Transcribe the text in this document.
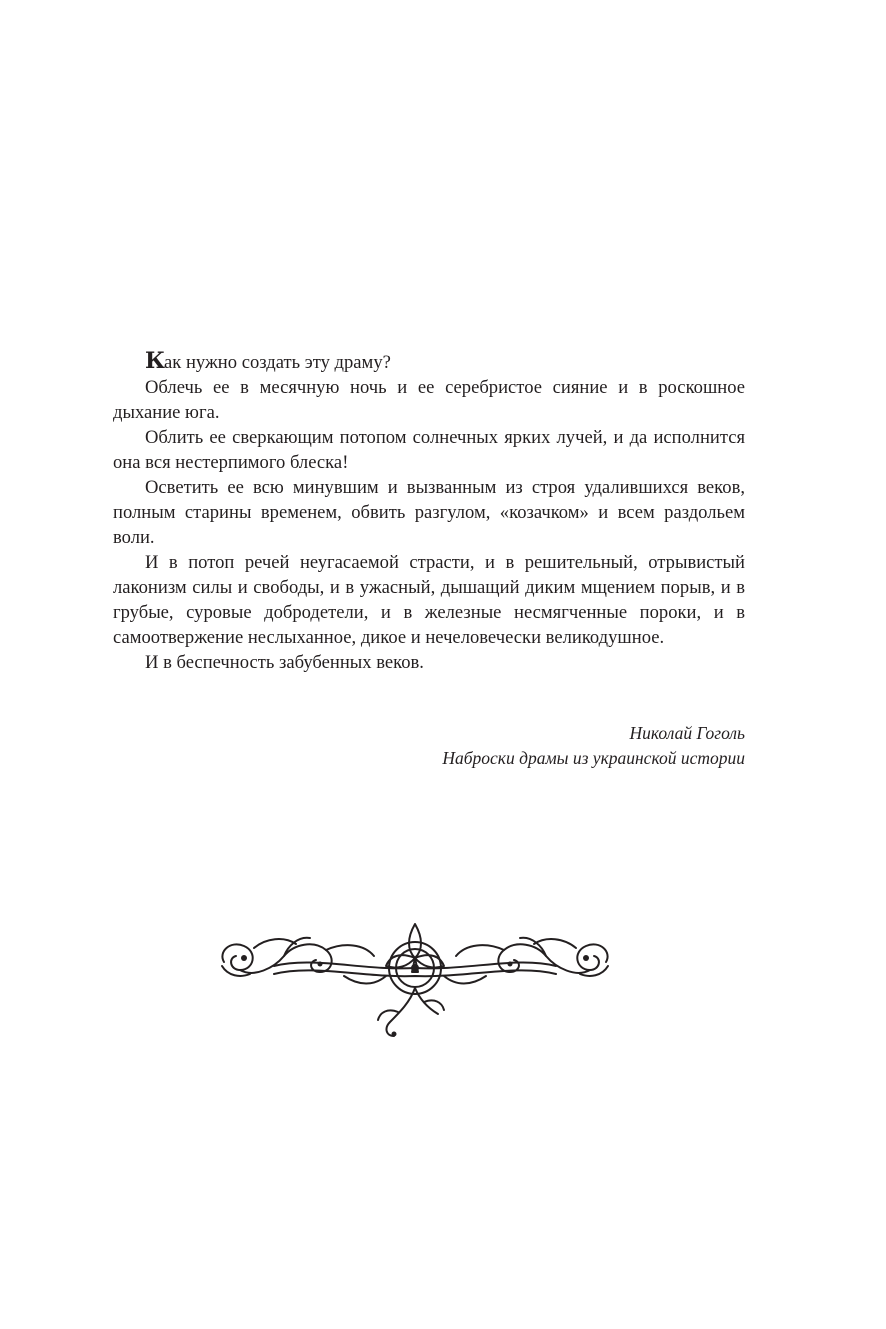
Как нужно создать эту драму?

Облечь ее в месячную ночь и ее серебристое сияние и в роскошное дыхание юга.

Облить ее сверкающим потопом солнечных ярких лучей, и да исполнится она вся нестерпимого блеска!

Осветить ее всю минувшим и вызванным из строя удалившихся веков, полным старины временем, обвить разгулом, «козачком» и всем раздольем воли.

И в потоп речей неугасаемой страсти, и в решительный, отрывистый лаконизм силы и свободы, и в ужасный, дышащий диким мщением порыв, и в грубые, суровые добродетели, и в железные несмягченные пороки, и в самоотвержение неслыханное, дикое и нечеловечески великодушное.

И в беспечность забубенных веков.

Николай Гоголь
Наброски драмы из украинской истории
